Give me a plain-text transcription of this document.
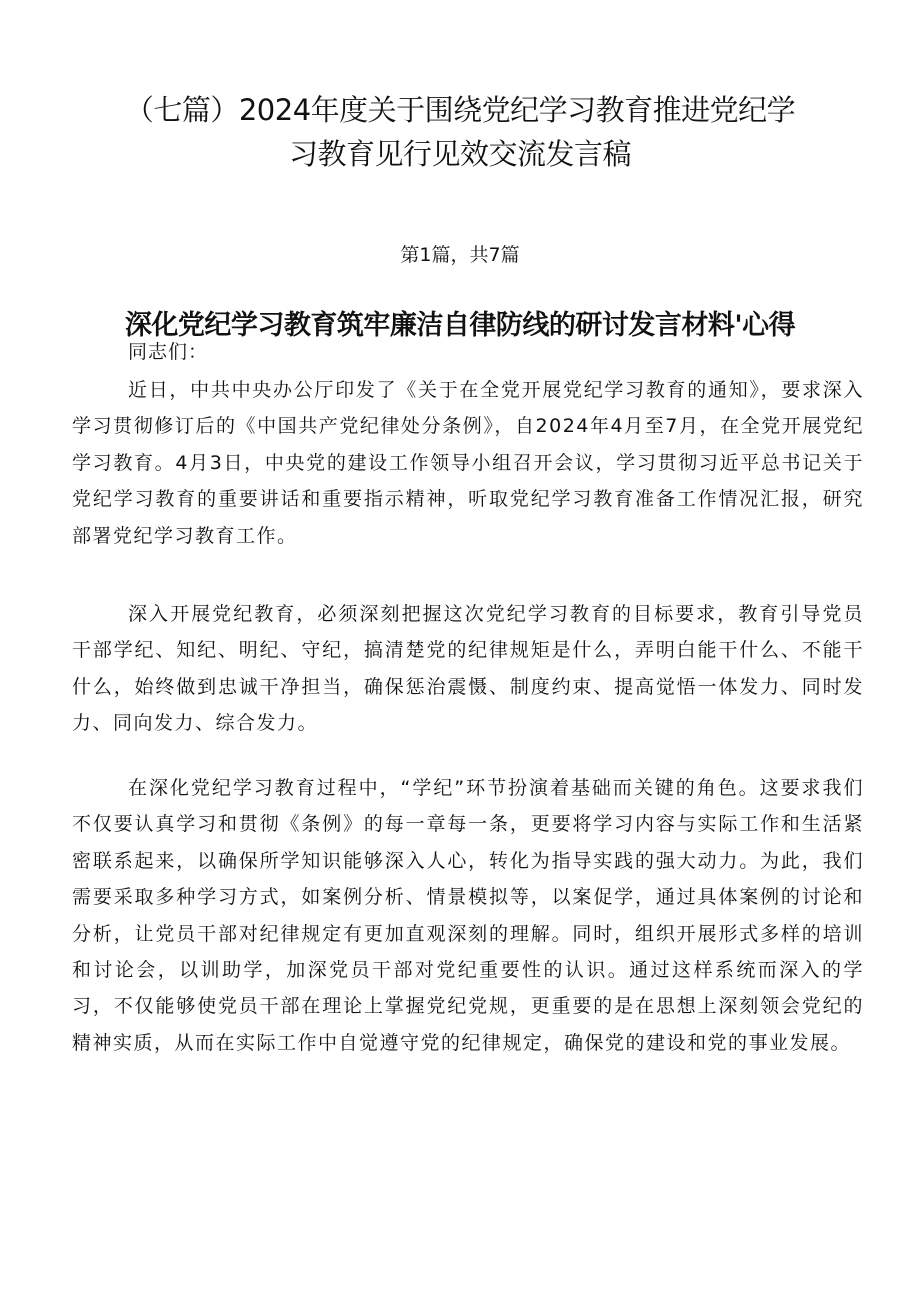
（七篇）2024年度关于围绕党纪学习教育推进党纪学
习教育见行见效交流发言稿
第1篇，共7篇
深化党纪学习教育筑牢廉洁自律防线的研讨发言材料'心得
同志们：

近日，中共中央办公厅印发了《关于在全党开展党纪学习教育的通知》，要求深入学习贯彻修订后的《中国共产党纪律处分条例》，自2024年4月至7月，在全党开展党纪学习教育。4月3日，中央党的建设工作领导小组召开会议，学习贯彻习近平总书记关于党纪学习教育的重要讲话和重要指示精神，听取党纪学习教育准备工作情况汇报，研究部署党纪学习教育工作。

深入开展党纪教育，必须深刻把握这次党纪学习教育的目标要求，教育引导党员干部学纪、知纪、明纪、守纪，搞清楚党的纪律规矩是什么，弄明白能干什么、不能干什么，始终做到忠诚干净担当，确保惩治震慑、制度约束、提高觉悟一体发力、同时发力、同向发力、综合发力。

在深化党纪学习教育过程中，“学纪”环节扮演着基础而关键的角色。这要求我们不仅要认真学习和贯彻《条例》的每一章每一条，更要将学习内容与实际工作和生活紧密联系起来，以确保所学知识能够深入人心，转化为指导实践的强大动力。为此，我们需要采取多种学习方式，如案例分析、情景模拟等，以案促学，通过具体案例的讨论和分析，让党员干部对纪律规定有更加直观深刻的理解。同时，组织开展形式多样的培训和讨论会，以训助学，加深党员干部对党纪重要性的认识。通过这样系统而深入的学习，不仅能够使党员干部在理论上掌握党纪党规，更重要的是在思想上深刻领会党纪的精神实质，从而在实际工作中自觉遵守党的纪律规定，确保党的建设和党的事业发展。
